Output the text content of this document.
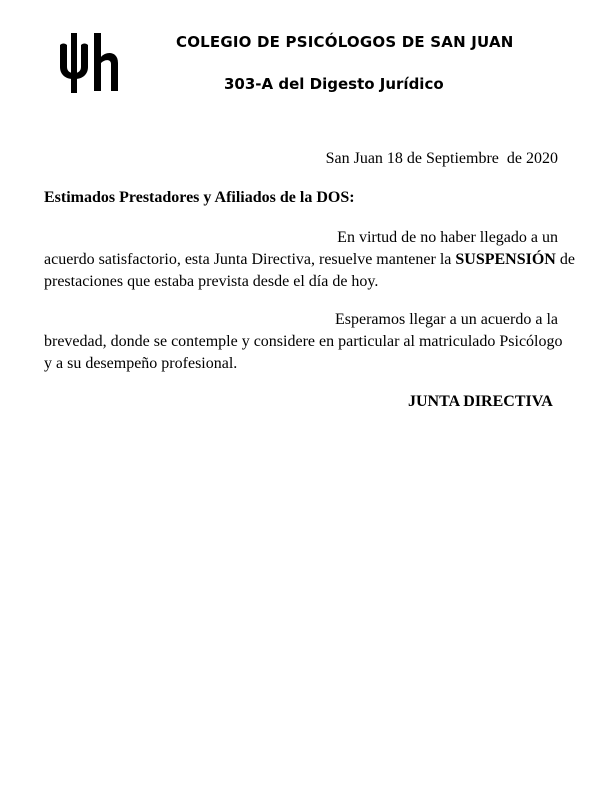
COLEGIO DE PSICÓLOGOS DE SAN JUAN
303-A del Digesto Jurídico
San Juan 18 de Septiembre  de 2020
Estimados Prestadores y Afiliados de la DOS:
En virtud de no haber llegado a un
acuerdo satisfactorio, esta Junta Directiva, resuelve mantener la SUSPENSIÓN de
prestaciones que estaba prevista desde el día de hoy.
Esperamos llegar a un acuerdo a la
brevedad, donde se contemple y considere en particular al matriculado Psicólogo
y a su desempeño profesional.
JUNTA DIRECTIVA
